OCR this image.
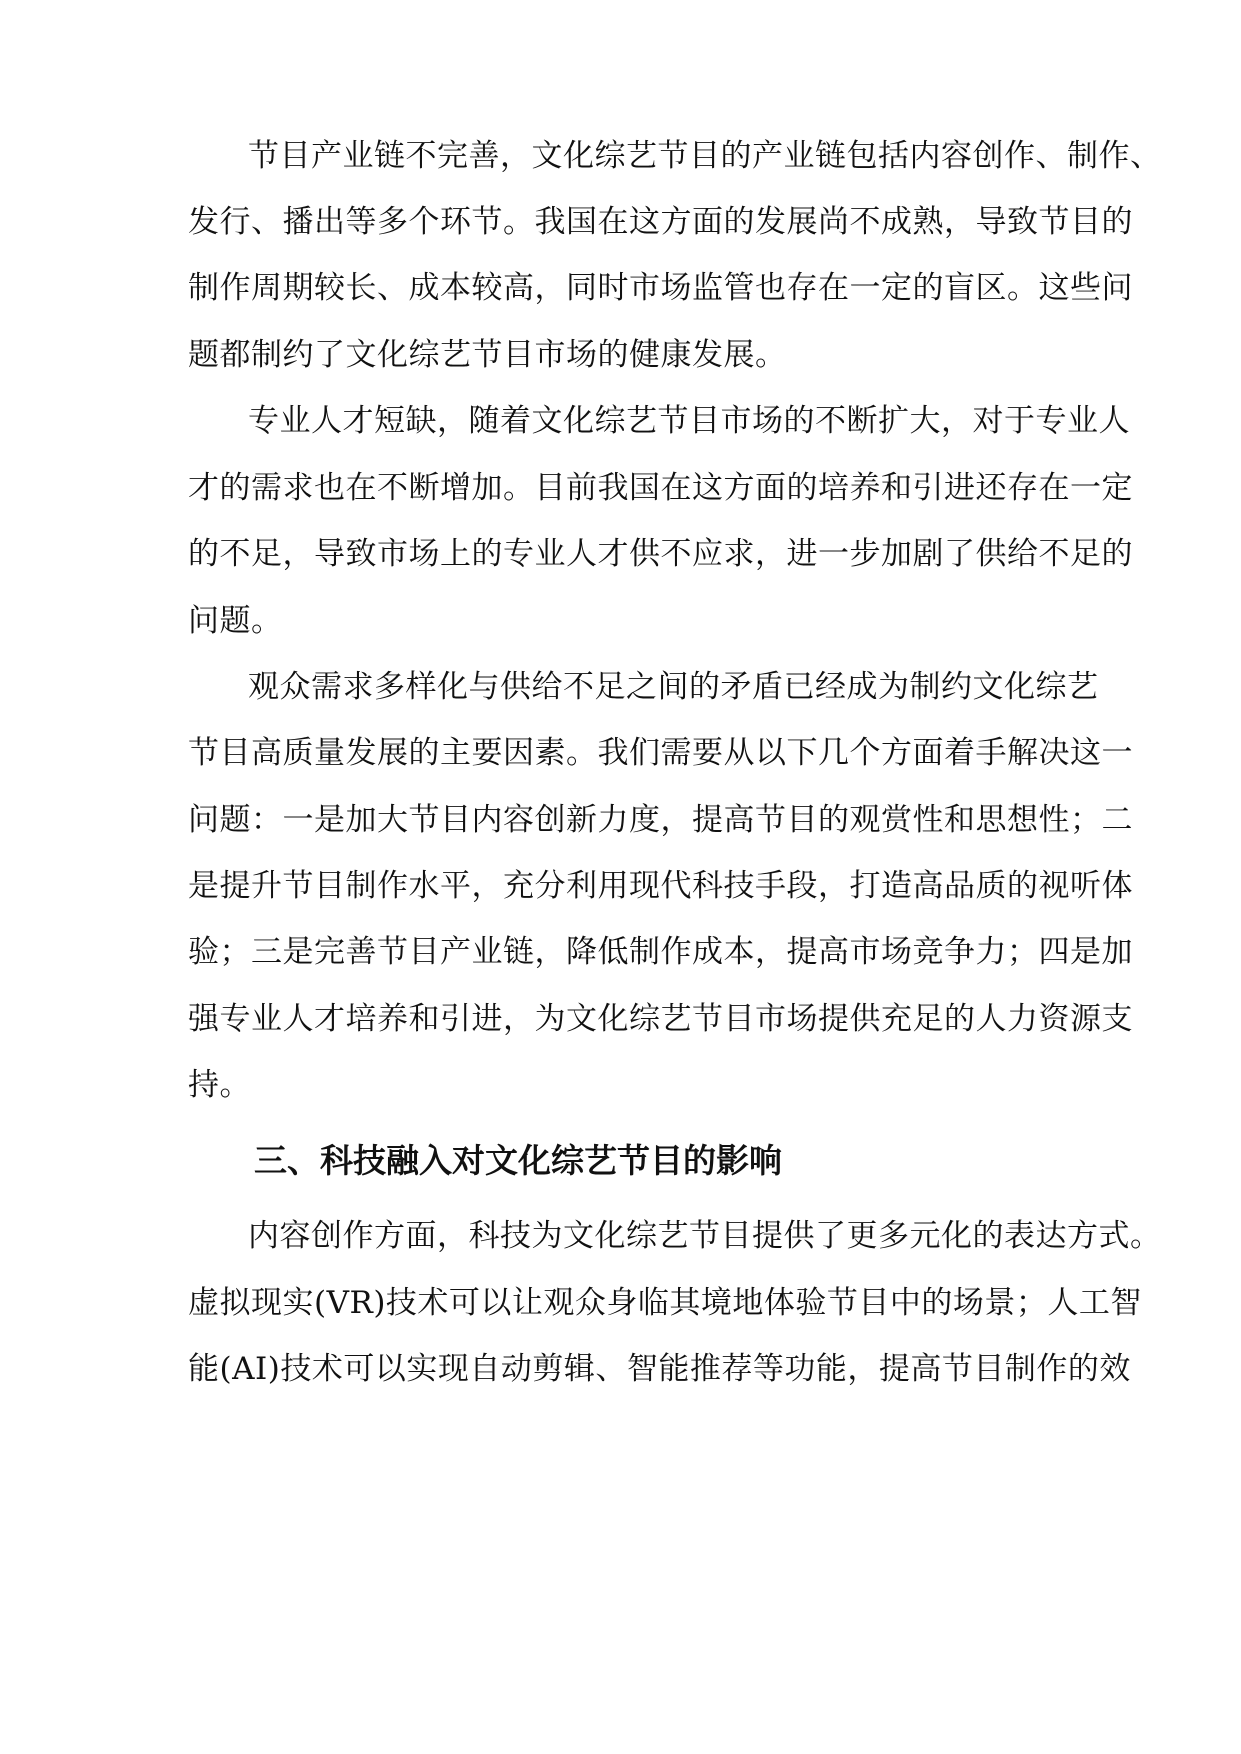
节目产业链不完善，文化综艺节目的产业链包括内容创作、制作、
发行、播出等多个环节。我国在这方面的发展尚不成熟，导致节目的
制作周期较长、成本较高，同时市场监管也存在一定的盲区。这些问
题都制约了文化综艺节目市场的健康发展。
专业人才短缺，随着文化综艺节目市场的不断扩大，对于专业人
才的需求也在不断增加。目前我国在这方面的培养和引进还存在一定
的不足，导致市场上的专业人才供不应求，进一步加剧了供给不足的
问题。
观众需求多样化与供给不足之间的矛盾已经成为制约文化综艺
节目高质量发展的主要因素。我们需要从以下几个方面着手解决这一
问题：一是加大节目内容创新力度，提高节目的观赏性和思想性；二
是提升节目制作水平，充分利用现代科技手段，打造高品质的视听体
验；三是完善节目产业链，降低制作成本，提高市场竞争力；四是加
强专业人才培养和引进，为文化综艺节目市场提供充足的人力资源支
持。
三、科技融入对文化综艺节目的影响
内容创作方面，科技为文化综艺节目提供了更多元化的表达方式。
虚拟现实(VR)技术可以让观众身临其境地体验节目中的场景；人工智
能(AI)技术可以实现自动剪辑、智能推荐等功能，提高节目制作的效
